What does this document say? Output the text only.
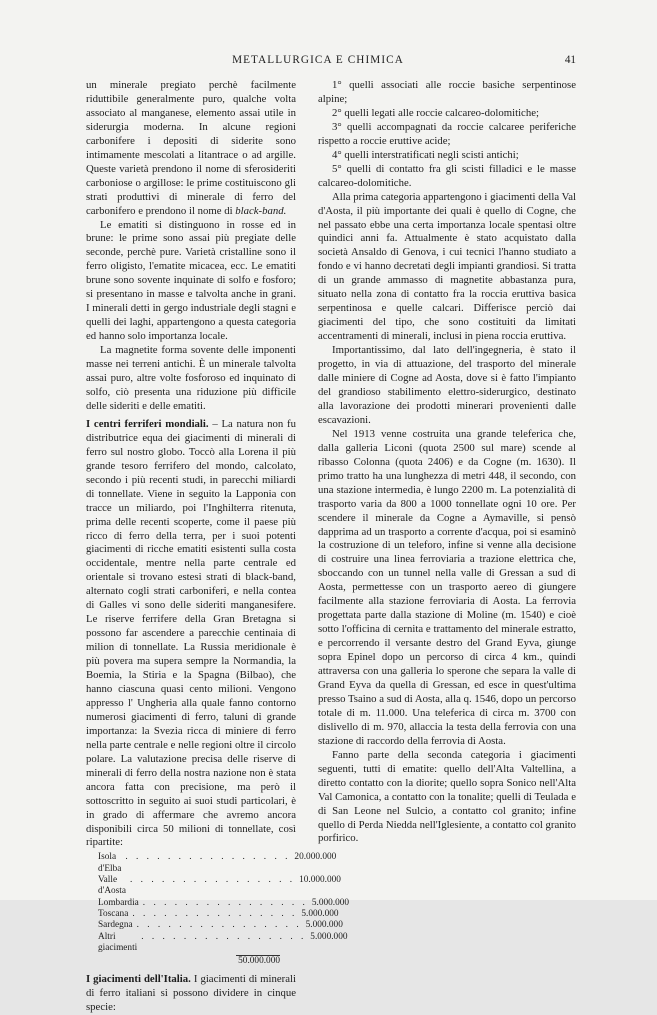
METALLURGICA E CHIMICA	41

un minerale pregiato perchè facilmente riduttibile generalmente puro, qualche volta associato al manganese, elemento assai utile in siderurgia moderna. In alcune regioni carbonifere i depositi di siderite sono intimamente mescolati a litantrace o ad argille. Queste varietà prendono il nome di sferosideriti carboniose o argillose: le prime costituiscono gli strati produttivi di minerale di ferro del carbonifero e prendono il nome di black-band.

Le ematiti si distinguono in rosse ed in brune: le prime sono assai più pregiate delle seconde, perchè pure. Varietà cristalline sono il ferro oligisto, l'ematite micacea, ecc. Le ematiti brune sono sovente inquinate di solfo e fosforo; si presentano in masse e talvolta anche in grani. I minerali detti in gergo industriale degli stagni e quelli dei laghi, appartengono a questa categoria ed hanno solo importanza locale.

La magnetite forma sovente delle imponenti masse nei terreni antichi. È un minerale talvolta assai puro, altre volte fosforoso ed inquinato di solfo, ciò presenta una riduzione più difficile delle sideriti e delle ematiti.

I centri ferriferi mondiali. – La natura non fu distributrice equa dei giacimenti di minerali di ferro sul nostro globo. Toccò alla Lorena il più grande tesoro ferrifero del mondo, calcolato, secondo i più recenti studi, in parecchi miliardi di tonnellate. Viene in seguito la Lapponia con tracce un miliardo, poi l'Inghilterra ritenuta, prima delle recenti scoperte, come il paese più ricco di ferro della terra, per i suoi potenti giacimenti di ricche ematiti esistenti sulla costa occidentale, mentre nella parte centrale ed orientale si trovano estesi strati di black-band, alternato cogli strati carboniferi, e nella contea di Galles vi sono delle sideriti manganesifere. Le riserve ferrifere della Gran Bretagna si possono far ascendere a parecchie centinaia di milion di tonnellate. La Russia meridionale è più povera ma supera sempre la Normandia, la Boemia, la Stiria e la Spagna (Bilbao), che hanno ciascuna quasi cento milioni. Vengono appresso l' Ungheria alla quale fanno contorno numerosi giacimenti di ferro, taluni di grande importanza: la Svezia ricca di miniere di ferro nella parte centrale e nelle regioni oltre il circolo polare. La valutazione precisa delle riserve di minerali di ferro della nostra nazione non è stata ancora fatta con precisione, ma però il sottoscritto in seguito ai suoi studi particolari, è in grado di affermare che avremo ancora disponibili circa 50 milioni di tonnellate, così ripartite:

Isola d'Elba
. . . . . . . . . . . . . . . . 20.000.000
Valle d'Aosta
. . . . . . . . . . . . . . . . 10.000.000
Lombardia . . . . . . . . . . . . . . . . 5.000.000
Toscana . . . . . . . . . . . . . . . . 5.000.000
Sardegna . . . . . . . . . . . . . . . . 5.000.000
Altri giacimenti
. . . . . . . . . . . . . . . . 5.000.000
50.000.000

I giacimenti dell'Italia. I giacimenti di minerali di ferro italiani si possono dividere in cinque specie:

1° quelli associati alle roccie basiche serpentinose alpine;

2° quelli legati alle roccie calcareo-dolomitiche;

3° quelli accompagnati da roccie calcaree periferiche rispetto a roccie eruttive acide;

4° quelli interstratificati negli scisti antichi;

5° quelli di contatto fra gli scisti filladici e le masse calcareo-dolomitiche.

Alla prima categoria appartengono i giacimenti della Val d'Aosta, il più importante dei quali è quello di Cogne, che nel passato ebbe una certa importanza locale spentasi oltre quindici anni fa. Attualmente è stato acquistato dalla società Ansaldo di Genova, i cui tecnici l'hanno studiato a fondo e vi hanno decretati degli impianti grandiosi. Si tratta di un grande ammasso di magnetite abbastanza pura, situato nella zona di contatto fra la roccia eruttiva basica serpentinosa e quelle calcari. Differisce perciò dai giacimenti del tipo, che sono costituiti da limitati accentramenti di minerali, inclusi in piena roccia eruttiva.

Importantissimo, dal lato dell'ingegneria, è stato il progetto, in via di attuazione, del trasporto del minerale dalle miniere di Cogne ad Aosta, dove si è fatto l'impianto del grandioso stabilimento elettro-siderurgico, destinato alla lavorazione dei prodotti minerari provenienti dalle escavazioni.

Nel 1913 venne costruita una grande teleferica che, dalla galleria Liconi (quota 2500 sul mare) scende al ribasso Colonna (quota 2406) e da Cogne (m. 1630). Il primo tratto ha una lunghezza di metri 448, il secondo, con una stazione intermedia, è lungo 2200 m. La potenzialità di trasporto varia da 800 a 1000 tonnellate ogni 10 ore. Per scendere il minerale da Cogne a Aymaville, si pensò dapprima ad un trasporto a corrente d'acqua, poi si esaminò la costruzione di un teleforo, infine si venne alla decisione di costruire una linea ferroviaria a trazione elettrica che, sboccando con un tunnel nella valle di Gressan a sud di Aosta, permettesse con un trasporto aereo di giungere facilmente alla stazione ferroviaria di Aosta. La ferrovia progettata parte dalla stazione di Moline (m. 1540) e cioè sotto l'officina di cernita e trattamento del minerale estratto, e percorrendo il versante destro del Grand Eyva, giunge sopra Epinel dopo un percorso di circa 4 km., quindi attraversa con una galleria lo sperone che separa la valle di Grand Eyva da quella di Gressan, ed esce in quest'ultima presso Tsaino a sud di Aosta, alla q. 1546, dopo un percorso totale di m. 11.000. Una teleferica di circa m. 3700 con dislivello di m. 970, allaccia la testa della ferrovia con una stazione di raccordo della ferrovia di Aosta.

Fanno parte della seconda categoria i giacimenti seguenti, tutti di ematite: quello dell'Alta Valtellina, a diretto contatto con la diorite; quello sopra Sonico nell'Alta Val Camonica, a contatto con la tonalite; quelli di Teulada e di San Leone nel Sulcio, a contatto col granito; infine quello di Perda Niedda nell'Iglesiente, a contatto col granito porfirico.
